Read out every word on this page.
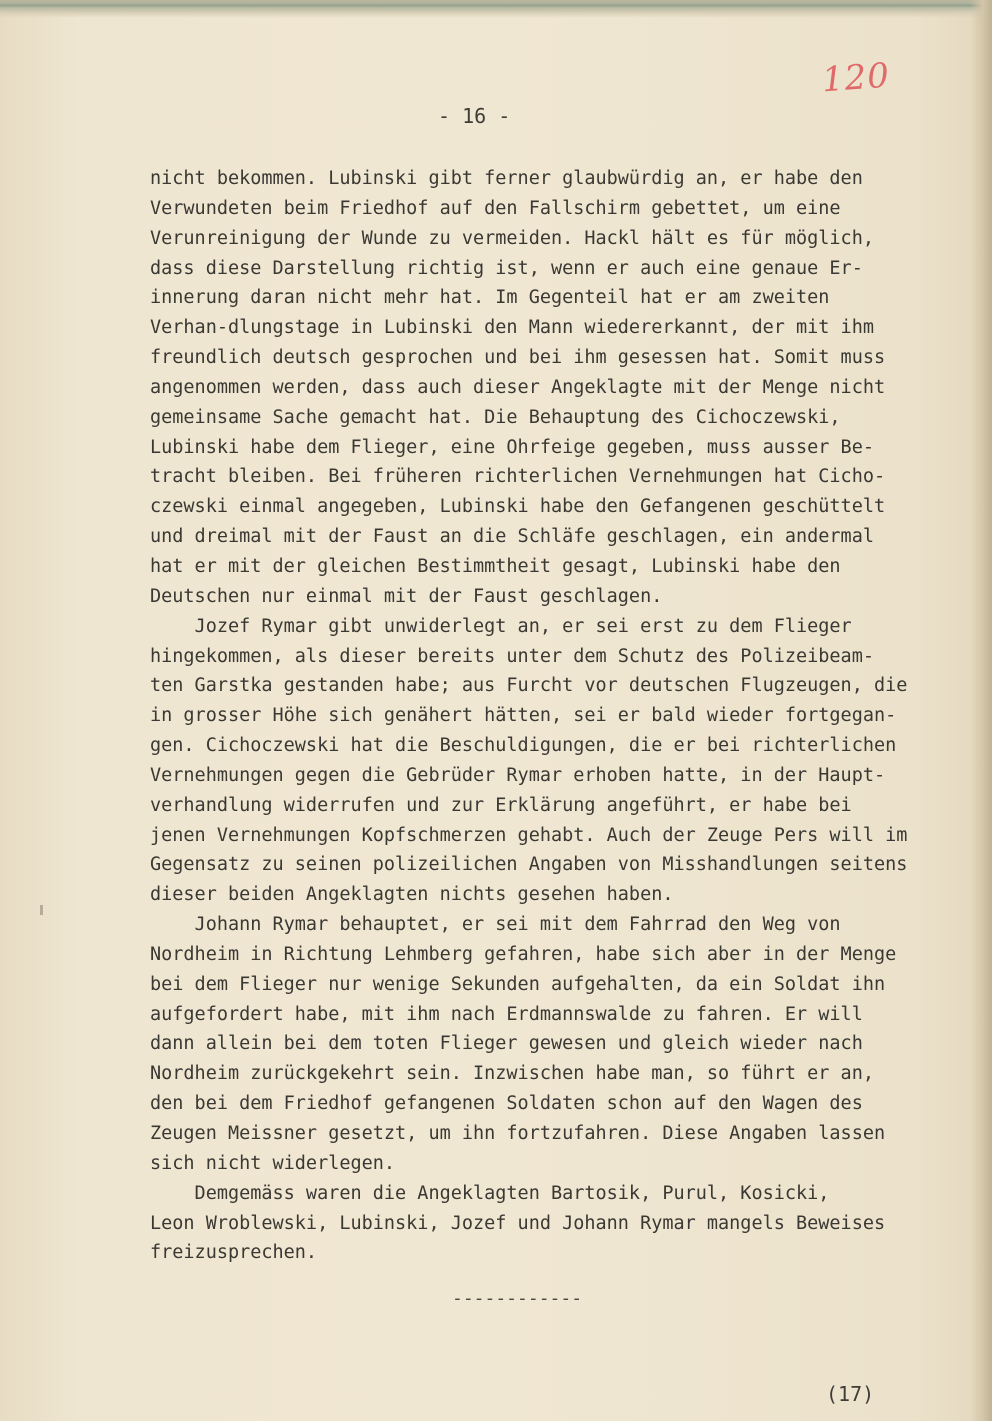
120
- 16 -
nicht bekommen. Lubinski gibt ferner glaubwürdig an, er habe den
Verwundeten beim Friedhof auf den Fallschirm gebettet, um eine
Verunreinigung der Wunde zu vermeiden. Hackl hält es für möglich,
dass diese Darstellung richtig ist, wenn er auch eine genaue Er-
innerung daran nicht mehr hat. Im Gegenteil hat er am zweiten
Verhan-dlungstage in Lubinski den Mann wiedererkannt, der mit ihm
freundlich deutsch gesprochen und bei ihm gesessen hat. Somit muss
angenommen werden, dass auch dieser Angeklagte mit der Menge nicht
gemeinsame Sache gemacht hat. Die Behauptung des Cichoczewski,
Lubinski habe dem Flieger, eine Ohrfeige gegeben, muss ausser Be-
tracht bleiben. Bei früheren richterlichen Vernehmungen hat Cicho-
czewski einmal angegeben, Lubinski habe den Gefangenen geschüttelt
und dreimal mit der Faust an die Schläfe geschlagen, ein andermal
hat er mit der gleichen Bestimmtheit gesagt, Lubinski habe den
Deutschen nur einmal mit der Faust geschlagen.
Jozef Rymar gibt unwiderlegt an, er sei erst zu dem Flieger
hingekommen, als dieser bereits unter dem Schutz des Polizeibeam-
ten Garstka gestanden habe; aus Furcht vor deutschen Flugzeugen, die
in grosser Höhe sich genähert hätten, sei er bald wieder fortgegan-
gen. Cichoczewski hat die Beschuldigungen, die er bei richterlichen
Vernehmungen gegen die Gebrüder Rymar erhoben hatte, in der Haupt-
verhandlung widerrufen und zur Erklärung angeführt, er habe bei
jenen Vernehmungen Kopfschmerzen gehabt. Auch der Zeuge Pers will im
Gegensatz zu seinen polizeilichen Angaben von Misshandlungen seitens
dieser beiden Angeklagten nichts gesehen haben.
Johann Rymar behauptet, er sei mit dem Fahrrad den Weg von
Nordheim in Richtung Lehmberg gefahren, habe sich aber in der Menge
bei dem Flieger nur wenige Sekunden aufgehalten, da ein Soldat ihn
aufgefordert habe, mit ihm nach Erdmannswalde zu fahren. Er will
dann allein bei dem toten Flieger gewesen und gleich wieder nach
Nordheim zurückgekehrt sein. Inzwischen habe man, so führt er an,
den bei dem Friedhof gefangenen Soldaten schon auf den Wagen des
Zeugen Meissner gesetzt, um ihn fortzufahren. Diese Angaben lassen
sich nicht widerlegen.
Demgemäss waren die Angeklagten Bartosik, Purul, Kosicki,
Leon Wroblewski, Lubinski, Jozef und Johann Rymar mangels Beweises
freizusprechen.
------------
(17)
